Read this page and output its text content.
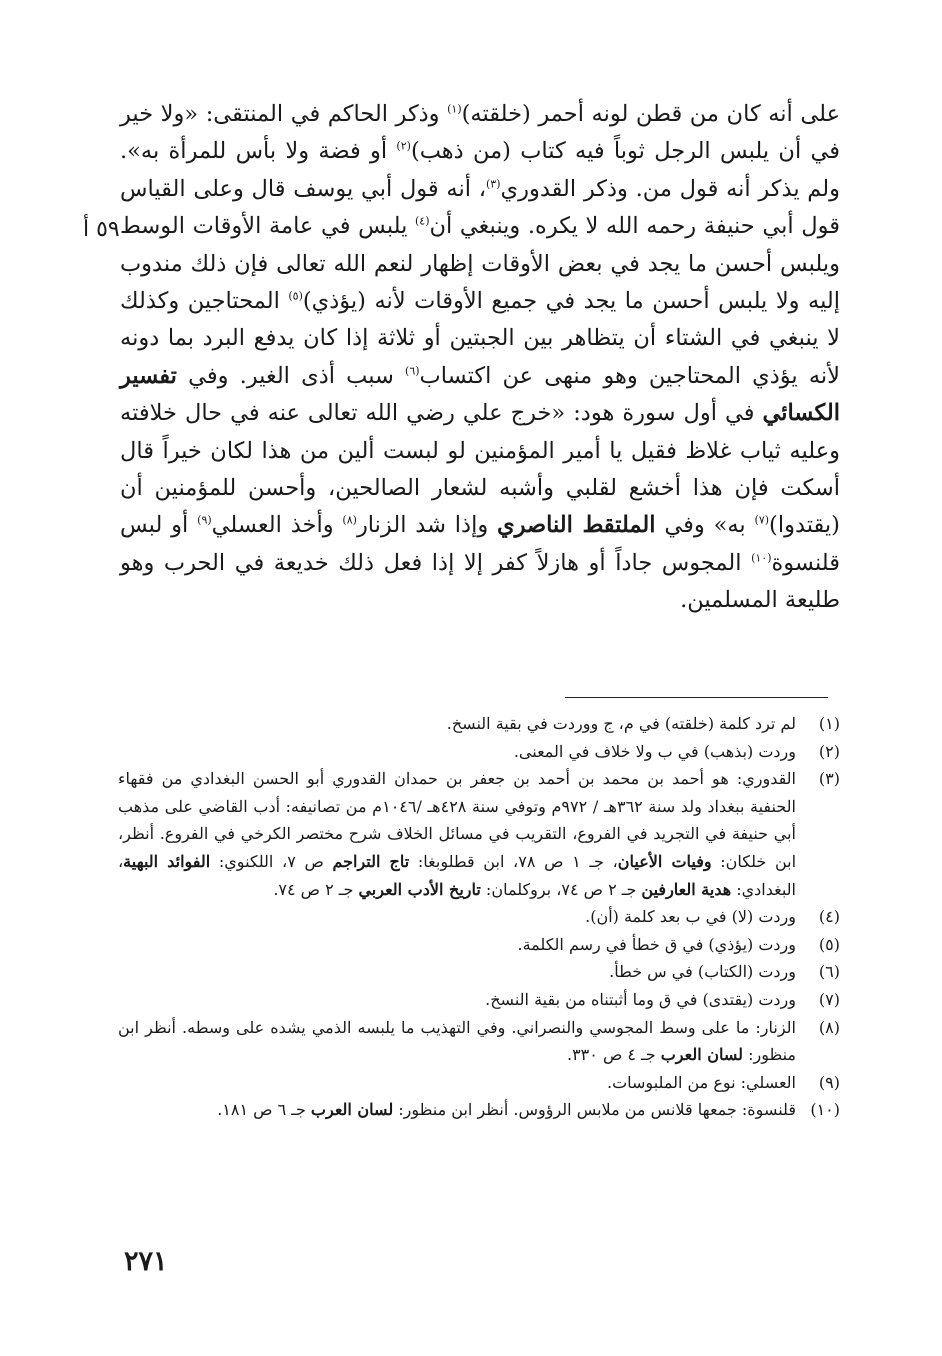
٥٩ أ

على أنه كان من قطن لونه أحمر (خلقته)$^{(١)}$ وذكر الحاكم في المنتقى: «ولا خير في أن يلبس الرجل ثوباً فيه كتاب (من ذهب)$^{(٢)}$ أو فضة ولا بأس للمرأة به». ولم يذكر أنه قول من. وذكر القدوري$^{(٣)}$، أنه قول أبي يوسف قال وعلى القياس قول أبي حنيفة رحمه الله لا يكره. وينبغي أن$^{(٤)}$ يلبس في عامة الأوقات الوسط ويلبس أحسن ما يجد في بعض الأوقات إظهار لنعم الله تعالى فإن ذلك مندوب إليه ولا يلبس أحسن ما يجد في جميع الأوقات لأنه (يؤذي)$^{(٥)}$ المحتاجين وكذلك لا ينبغي في الشتاء أن يتظاهر بين الجبتين أو ثلاثة إذا كان يدفع البرد بما دونه لأنه يؤذي المحتاجين وهو منهى عن اكتساب$^{(٦)}$ سبب أذى الغير. وفي تفسير الكسائي في أول سورة هود: «خرج علي رضي الله تعالى عنه في حال خلافته وعليه ثياب غلاظ فقيل يا أمير المؤمنين لو لبست ألين من هذا لكان خيراً قال أسكت فإن هذا أخشع لقلبي وأشبه لشعار الصالحين، وأحسن للمؤمنين أن (يقتدوا)$^{(٧)}$ به» وفي الملتقط الناصري وإذا شد الزنار$^{(٨)}$ وأخذ العسلي$^{(٩)}$ أو لبس قلنسوة$^{(١٠)}$ المجوس جاداً أو هازلاً كفر إلا إذا فعل ذلك خديعة في الحرب وهو طليعة المسلمين.

(١)
لم ترد كلمة (خلقته) في م، ج ووردت في بقية النسخ.
(٢)
وردت (بذهب) في ب ولا خلاف في المعنى.
(٣)
القدوري: هو أحمد بن محمد بن أحمد بن جعفر بن حمدان القدوري أبو الحسن البغدادي من فقهاء الحنفية ببغداد ولد سنة ٣٦٢هـ / ٩٧٢م وتوفي سنة ٤٢٨هـ /١٠٤٦م من تصانيفه: أدب القاضي على مذهب أبي حنيفة في التجريد في الفروع، التقريب في مسائل الخلاف شرح مختصر الكرخي في الفروع. أنظر، ابن خلكان: وفيات الأعيان، جـ ١ ص ٧٨، ابن قطلوبغا: تاج التراجم ص ٧، اللكنوي: الفوائد البهية، البغدادي: هدية العارفين جـ ٢ ص ٧٤، بروكلمان: تاريخ الأدب العربي جـ ٢ ص ٧٤.
(٤)
وردت (لا) في ب بعد كلمة (أن).
(٥)
وردت (يؤذي) في ق خطأ في رسم الكلمة.
(٦)
وردت (الكتاب) في س خطأ.
(٧)
وردت (يقتدى) في ق وما أثبتناه من بقية النسخ.
(٨)
الزنار: ما على وسط المجوسي والنصراني. وفي التهذيب ما يلبسه الذمي يشده على وسطه. أنظر ابن منظور: لسان العرب جـ ٤ ص ٣٣٠.
(٩)
العسلي: نوع من الملبوسات.
(١٠)
قلنسوة: جمعها قلانس من ملابس الرؤوس. أنظر ابن منظور: لسان العرب جـ ٦ ص ١٨١.
٢٧١
